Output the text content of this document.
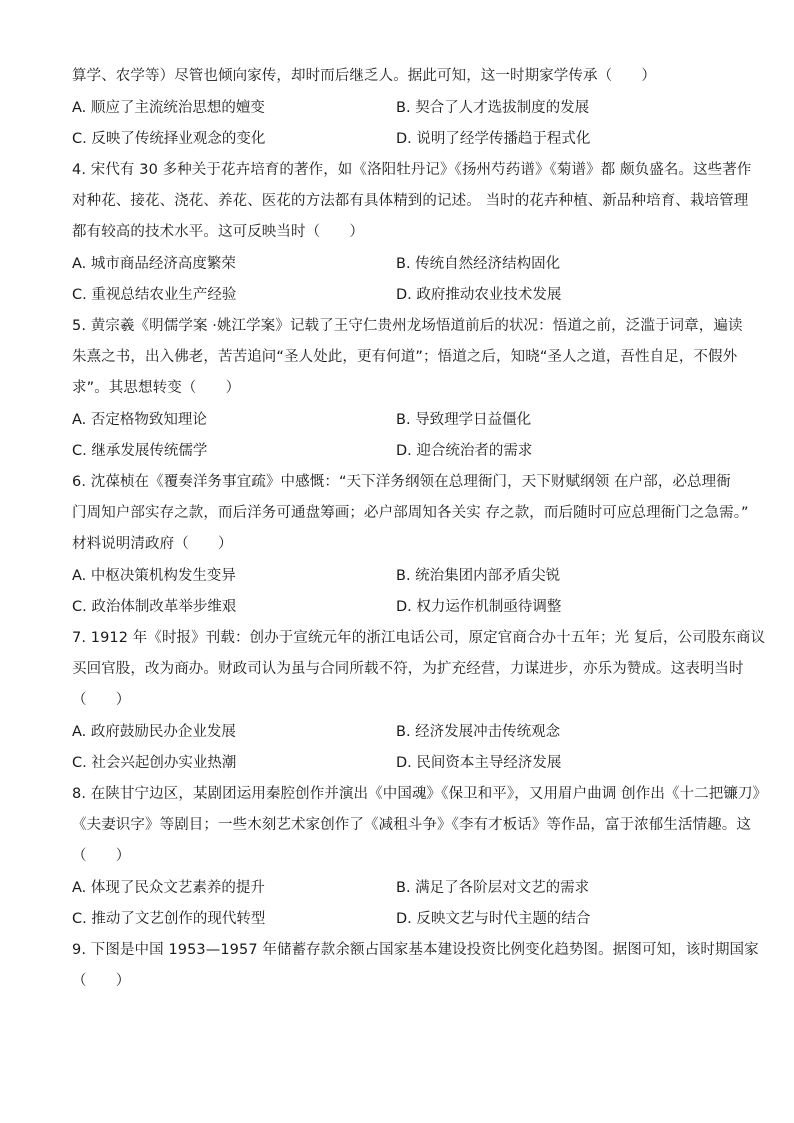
算学、农学等）尽管也倾向家传，却时而后继乏人。据此可知，这一时期家学传承（　　）
A. 顺应了主流统治思想的嬗变	B. 契合了人才选拔制度的发展
C. 反映了传统择业观念的变化	D. 说明了经学传播趋于程式化
4. 宋代有 30 多种关于花卉培育的著作，如《洛阳牡丹记》《扬州芍药谱》《菊谱》都 颇负盛名。这些著作
对种花、接花、浇花、养花、医花的方法都有具体精到的记述。 当时的花卉种植、新品种培育、栽培管理
都有较高的技术水平。这可反映当时（　　）
A. 城市商品经济高度繁荣	B. 传统自然经济结构固化
C. 重视总结农业生产经验	D. 政府推动农业技术发展
5. 黄宗羲《明儒学案 ·姚江学案》记载了王守仁贵州龙场悟道前后的状况：悟道之前，泛滥于词章，遍读
朱熹之书，出入佛老，苦苦追问“圣人处此，更有何道”；悟道之后，知晓“圣人之道，吾性自足，不假外
求”。其思想转变（　　）
A. 否定格物致知理论	B. 导致理学日益僵化
C. 继承发展传统儒学	D. 迎合统治者的需求
6. 沈葆桢在《覆奏洋务事宜疏》中感慨：“天下洋务纲领在总理衙门，天下财赋纲领 在户部，必总理衙
门周知户部实存之款，而后洋务可通盘筹画；必户部周知各关实 存之款，而后随时可应总理衙门之急需。”
材料说明清政府（　　）
A. 中枢决策机构发生变异	B. 统治集团内部矛盾尖锐
C. 政治体制改革举步维艰	D. 权力运作机制亟待调整
7. 1912 年《时报》刊载：创办于宣统元年的浙江电话公司，原定官商合办十五年；光 复后，公司股东商议
买回官股，改为商办。财政司认为虽与合同所载不符，为扩充经营，力谋进步，亦乐为赞成。这表明当时
（　　）
A. 政府鼓励民办企业发展	B. 经济发展冲击传统观念
C. 社会兴起创办实业热潮	D. 民间资本主导经济发展
8. 在陕甘宁边区，某剧团运用秦腔创作并演出《中国魂》《保卫和平》，又用眉户曲调 创作出《十二把镰刀》
《夫妻识字》等剧目；一些木刻艺术家创作了《减租斗争》《李有才板话》等作品，富于浓郁生活情趣。这
（　　）
A. 体现了民众文艺素养的提升	B. 满足了各阶层对文艺的需求
C. 推动了文艺创作的现代转型	D. 反映文艺与时代主题的结合
9. 下图是中国 1953—1957 年储蓄存款余额占国家基本建设投资比例变化趋势图。据图可知，该时期国家
（　　）
